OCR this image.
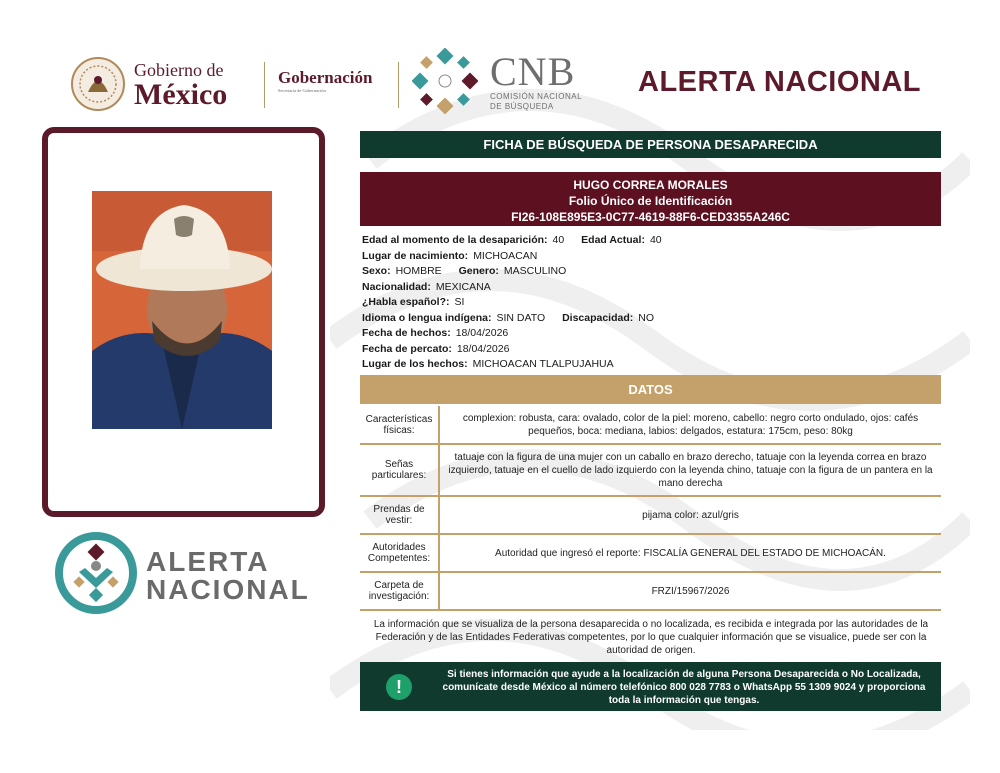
Gobierno de
México
Gobernación
Secretaría de Gobernación	CNB
COMISIÓN NACIONAL
DE BÚSQUEDA
ALERTA NACIONAL
ALERTA
NACIONAL
FICHA DE BÚSQUEDA DE PERSONA DESAPARECIDA
HUGO CORREA MORALES
Folio Único de Identificación
FI26-108E895E3-0C77-4619-88F6-CED3355A246C
Edad al momento de la desaparición: 40 Edad Actual: 40
Lugar de nacimiento: MICHOACAN
Sexo: HOMBRE Genero: MASCULINO
Nacionalidad: MEXICANA
¿Habla español?: SI
Idioma o lengua indígena: SIN DATO Discapacidad: NO
Fecha de hechos: 18/04/2026
Fecha de percato: 18/04/2026
Lugar de los hechos: MICHOACAN TLALPUJAHUA
DATOS
Características físicas:	complexion: robusta, cara: ovalado, color de la piel: moreno, cabello: negro corto ondulado, ojos: cafés pequeños, boca: mediana, labios: delgados, estatura: 175cm, peso: 80kg
Señas particulares:	tatuaje con la figura de una mujer con un caballo en brazo derecho, tatuaje con la leyenda correa en brazo izquierdo, tatuaje en el cuello de lado izquierdo con la leyenda chino, tatuaje con la figura de un pantera en la mano derecha
Prendas de vestir:	pijama color: azul/gris
Autoridades Competentes:	Autoridad que ingresó el reporte: FISCALÍA GENERAL DEL ESTADO DE MICHOACÁN.
Carpeta de investigación:	FRZI/15967/2026
La información que se visualiza de la persona desaparecida o no localizada, es recibida e integrada por las autoridades de la Federación y de las Entidades Federativas competentes, por lo que cualquier información que se visualice, puede ser con la autoridad de origen.
!
Si tienes información que ayude a la localización de alguna Persona Desaparecida o No Localizada, comunícate desde México al número telefónico 800 028 7783 o WhatsApp 55 1309 9024 y proporciona toda la información que tengas.
